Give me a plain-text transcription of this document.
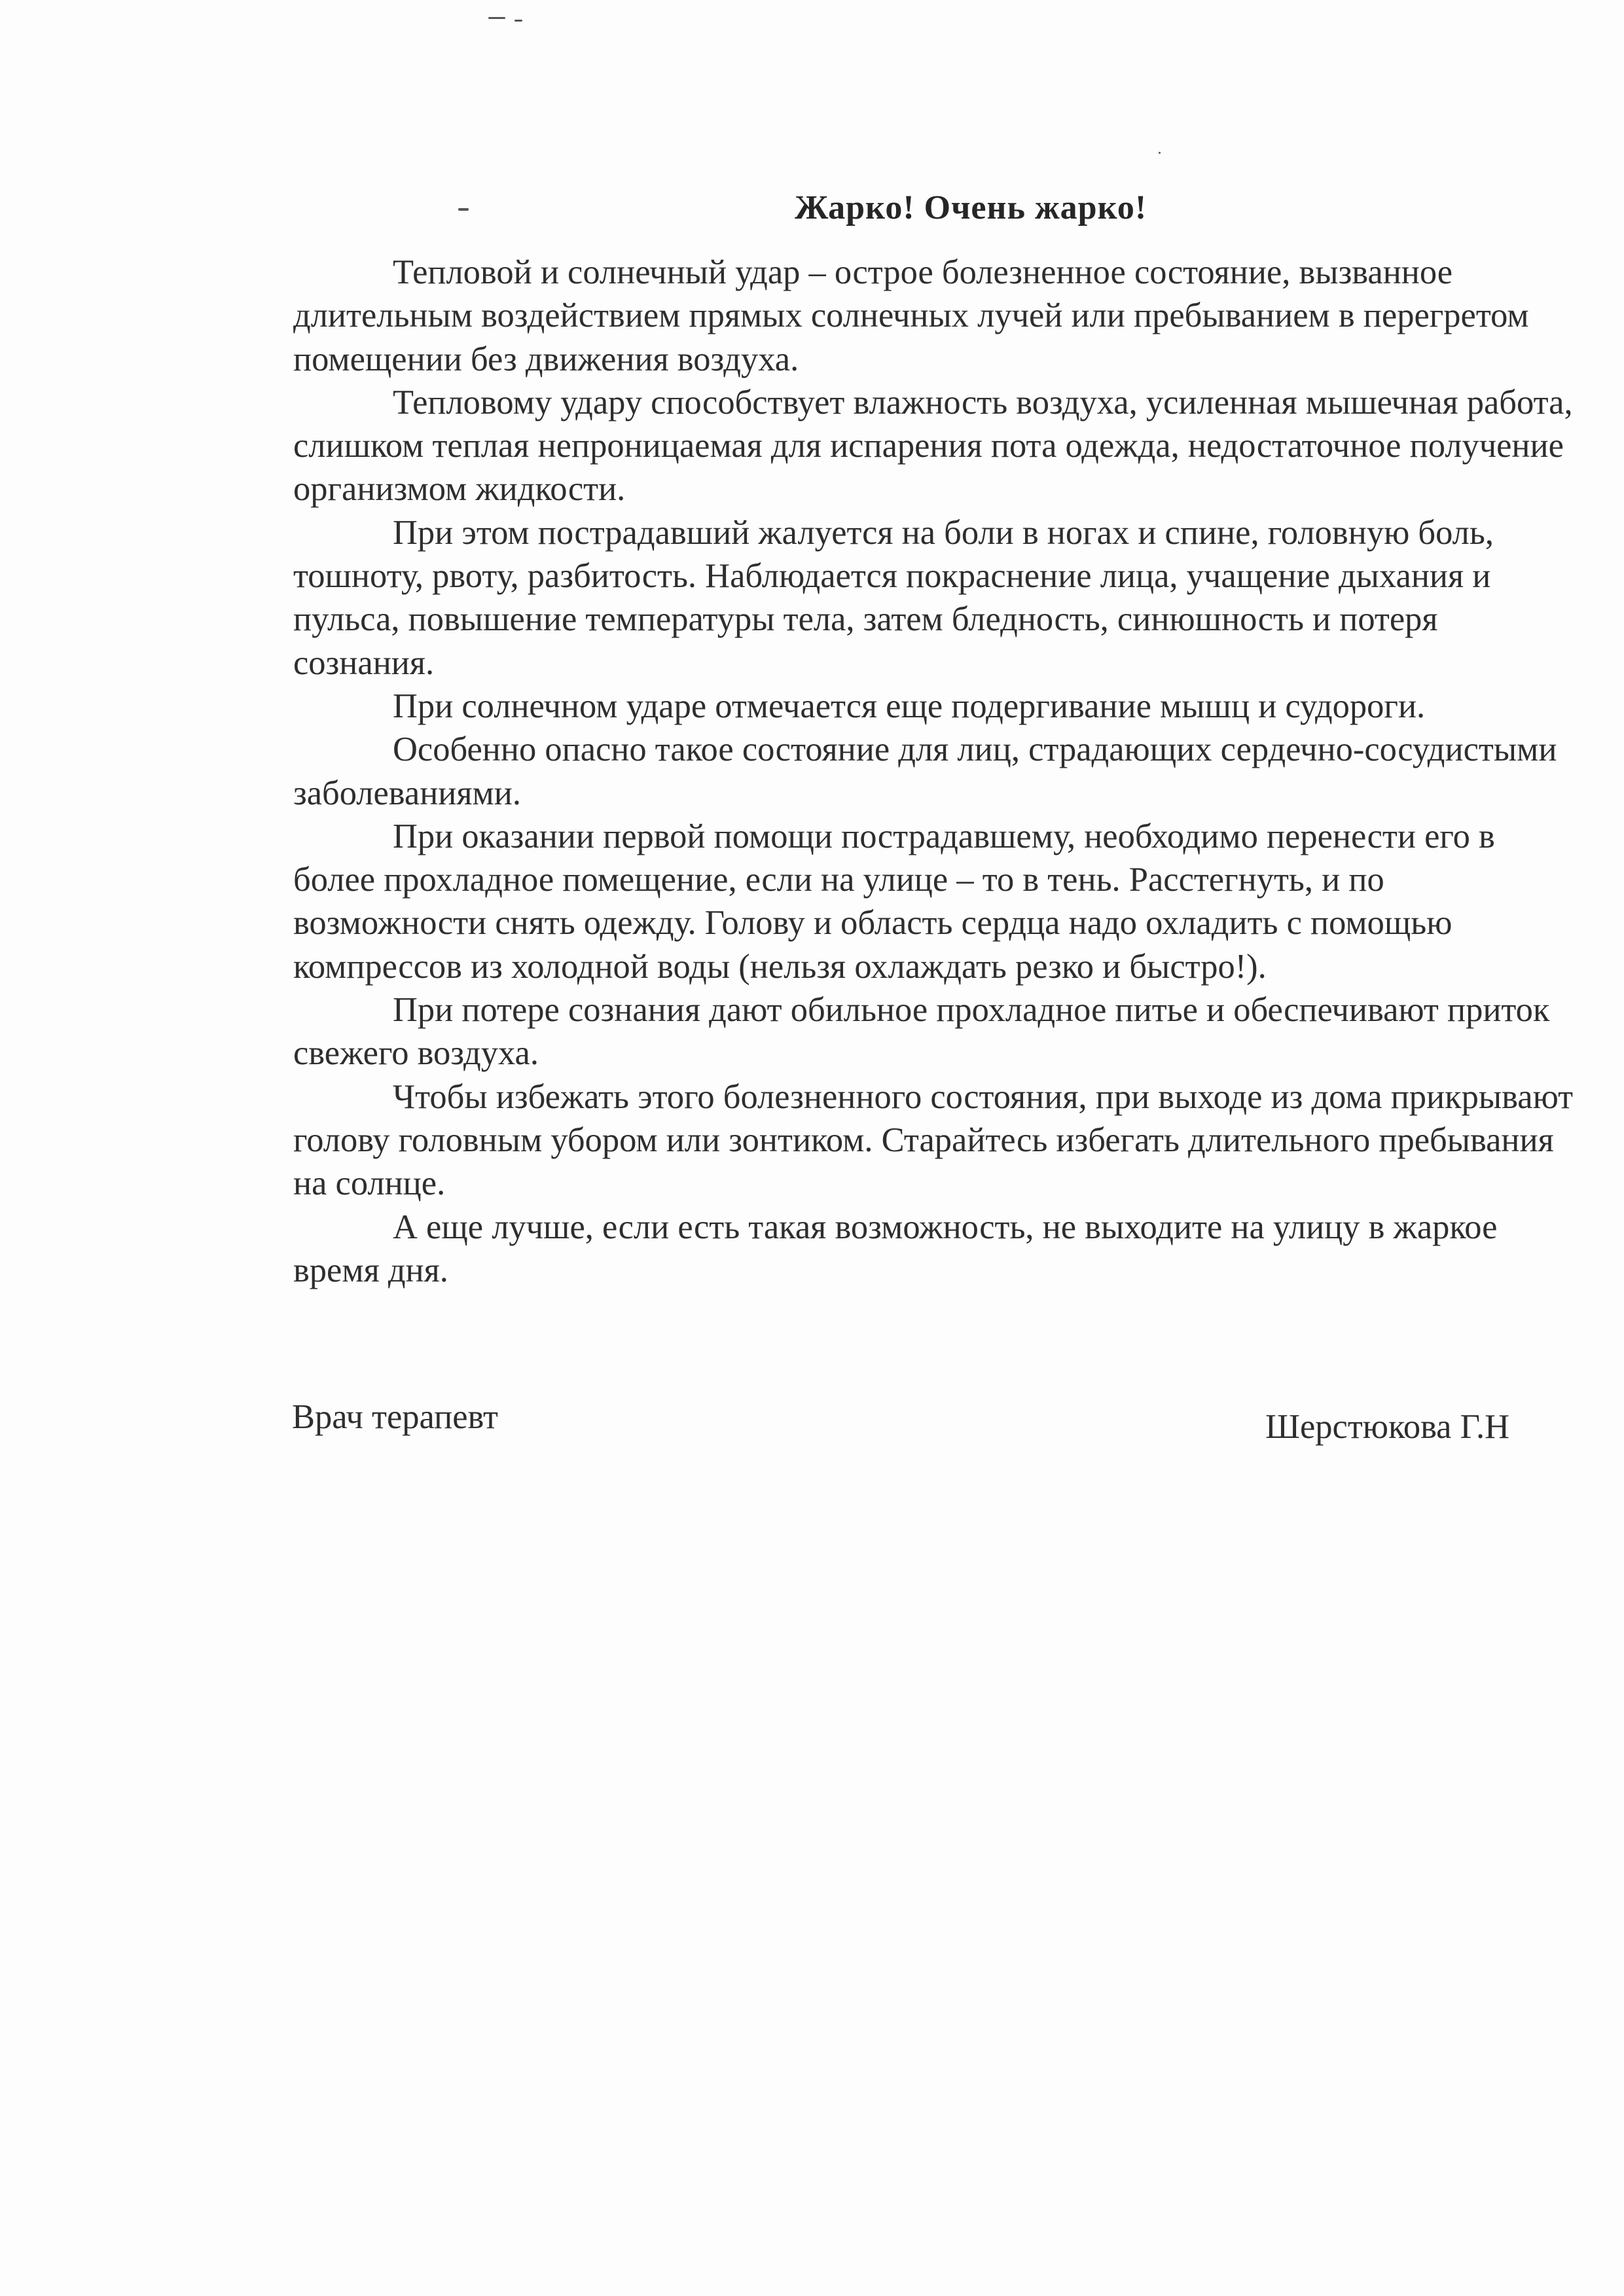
Жарко! Очень жарко!

Тепловой и солнечный удар – острое болезненное состояние, вызванное длительным воздействием прямых солнечных лучей или пребыванием в перегретом помещении без движения воздуха.

Тепловому удару способствует влажность воздуха, усиленная мышечная работа, слишком теплая непроницаемая для испарения пота одежда, недостаточное получение организмом жидкости.

При этом пострадавший жалуется на боли в ногах и спине, головную боль, тошноту, рвоту, разбитость. Наблюдается покраснение лица, учащение дыхания и пульса, повышение температуры тела, затем бледность, синюшность и потеря сознания.

При солнечном ударе отмечается еще подергивание мышц и судороги.

Особенно опасно такое состояние для лиц, страдающих сердечно-сосудистыми заболеваниями.

При оказании первой помощи пострадавшему, необходимо перенести его в более прохладное помещение, если на улице – то в тень. Расстегнуть, и по возможности снять одежду. Голову и область сердца надо охладить с помощью компрессов из холодной воды (нельзя охлаждать резко и быстро!).

При потере сознания дают обильное прохладное питье и обеспечивают приток свежего воздуха.

Чтобы избежать этого болезненного состояния, при выходе из дома прикрывают голову головным убором или зонтиком. Старайтесь избегать длительного пребывания на солнце.

А еще лучше, если есть такая возможность, не выходите на улицу в жаркое время дня.

Врач терапевт	Шерстюкова Г.Н
